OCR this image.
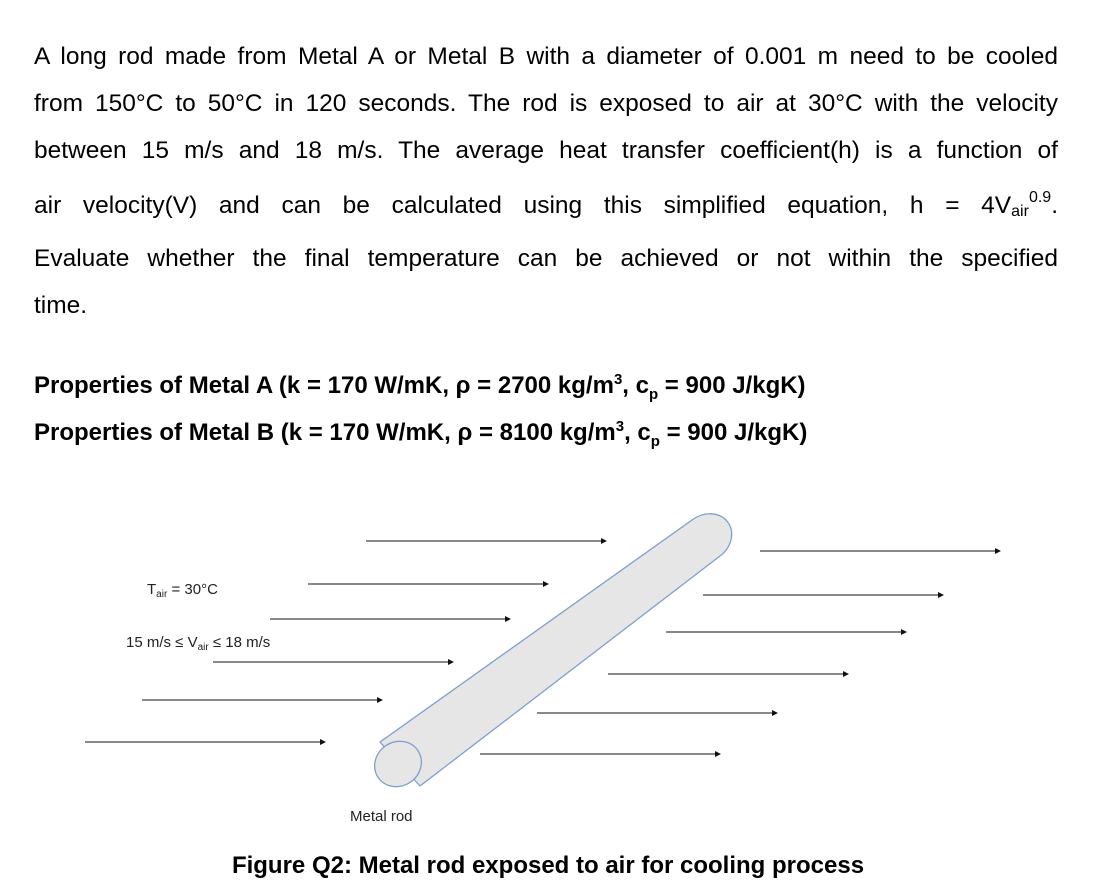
A long rod made from Metal A or Metal B with a diameter of 0.001 m need to be cooled
from 150°C to 50°C in 120 seconds. The rod is exposed to air at 30°C with the velocity
between 15 m/s and 18 m/s. The average heat transfer coefficient(h) is a function of
air velocity(V) and can be calculated using this simplified equation, h = 4Vair$^{0.9}$.
Evaluate whether the final temperature can be achieved or not within the specified
time.
Properties of Metal A (k = 170 W/mK, ρ = 2700 $kg/m^3$, $c_p = 900$ J/kgK)
Properties of Metal B (k = 170 W/mK, ρ = 8100 $kg/m^3$, $c_p = 900$ J/kgK)
$T_{air} = 30^\circ C$
15 $m/s \le V_{air} \le 18$ m/s
Metal rod
Figure Q2: Metal rod exposed to air for cooling process
